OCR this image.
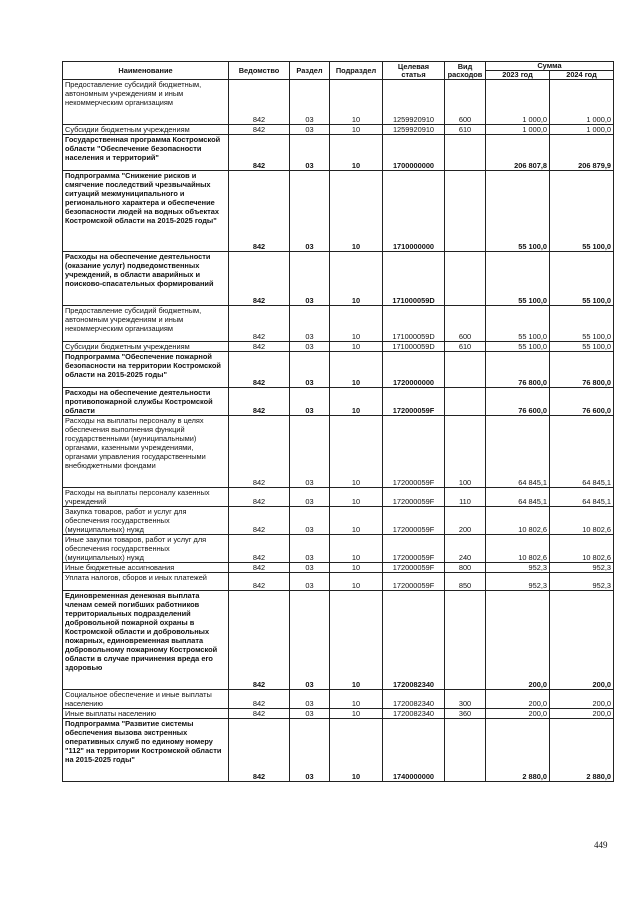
Наименование	Ведомство	Раздел	Подраздел	Целевая статья	Вид расходов	Сумма	
						2023 год	2024 год
Предоставление субсидий бюджетным, автономным учреждениям и иным некоммерческим организациям	842	03	10	1259920910	600	1 000,0	1 000,0
Субсидии бюджетным учреждениям	842	03	10	1259920910	610	1 000,0	1 000,0
Государственная программа Костромской области "Обеспечение безопасности населения и территорий"	842	03	10	1700000000		206 807,8	206 879,9
Подпрограмма "Снижение рисков и смягчение последствий чрезвычайных ситуаций межмуниципального и регионального характера и обеспечение безопасности людей на водных объектах Костромской области на 2015-2025 годы"	842	03	10	1710000000		55 100,0	55 100,0
Расходы на обеспечение деятельности (оказание услуг) подведомственных учреждений, в области аварийных и поисково-спасательных формирований	842	03	10	171000059D		55 100,0	55 100,0
Предоставление субсидий бюджетным, автономным учреждениям и иным некоммерческим организациям	842	03	10	171000059D	600	55 100,0	55 100,0
Субсидии бюджетным учреждениям	842	03	10	171000059D	610	55 100,0	55 100,0
Подпрограмма "Обеспечение пожарной безопасности на территории Костромской области на 2015-2025 годы"	842	03	10	1720000000		76 800,0	76 800,0
Расходы на обеспечение деятельности противопожарной службы Костромской области	842	03	10	172000059F		76 600,0	76 600,0
Расходы на выплаты персоналу в целях обеспечения выполнения функций государственными (муниципальными) органами, казенными учреждениями, органами управления государственными внебюджетными фондами	842	03	10	172000059F	100	64 845,1	64 845,1
Расходы на выплаты персоналу казенных учреждений	842	03	10	172000059F	110	64 845,1	64 845,1
Закупка товаров, работ и услуг для обеспечения государственных (муниципальных) нужд	842	03	10	172000059F	200	10 802,6	10 802,6
Иные закупки товаров, работ и услуг для обеспечения государственных (муниципальных) нужд	842	03	10	172000059F	240	10 802,6	10 802,6
Иные бюджетные ассигнования	842	03	10	172000059F	800	952,3	952,3
Уплата налогов, сборов и иных платежей	842	03	10	172000059F	850	952,3	952,3
Единовременная денежная выплата членам семей погибших работников территориальных подразделений добровольной пожарной охраны в Костромской области и добровольных пожарных, единовременная выплата добровольному пожарному Костромской области в случае причинения вреда его здоровью	842	03	10	1720082340		200,0	200,0
Социальное обеспечение и иные выплаты населению	842	03	10	1720082340	300	200,0	200,0
Иные выплаты населению	842	03	10	1720082340	360	200,0	200,0
Подпрограмма "Развитие системы обеспечения вызова экстренных оперативных служб по единому номеру "112" на территории Костромской области на 2015-2025 годы"	842	03	10	1740000000		2 880,0	2 880,0
449
